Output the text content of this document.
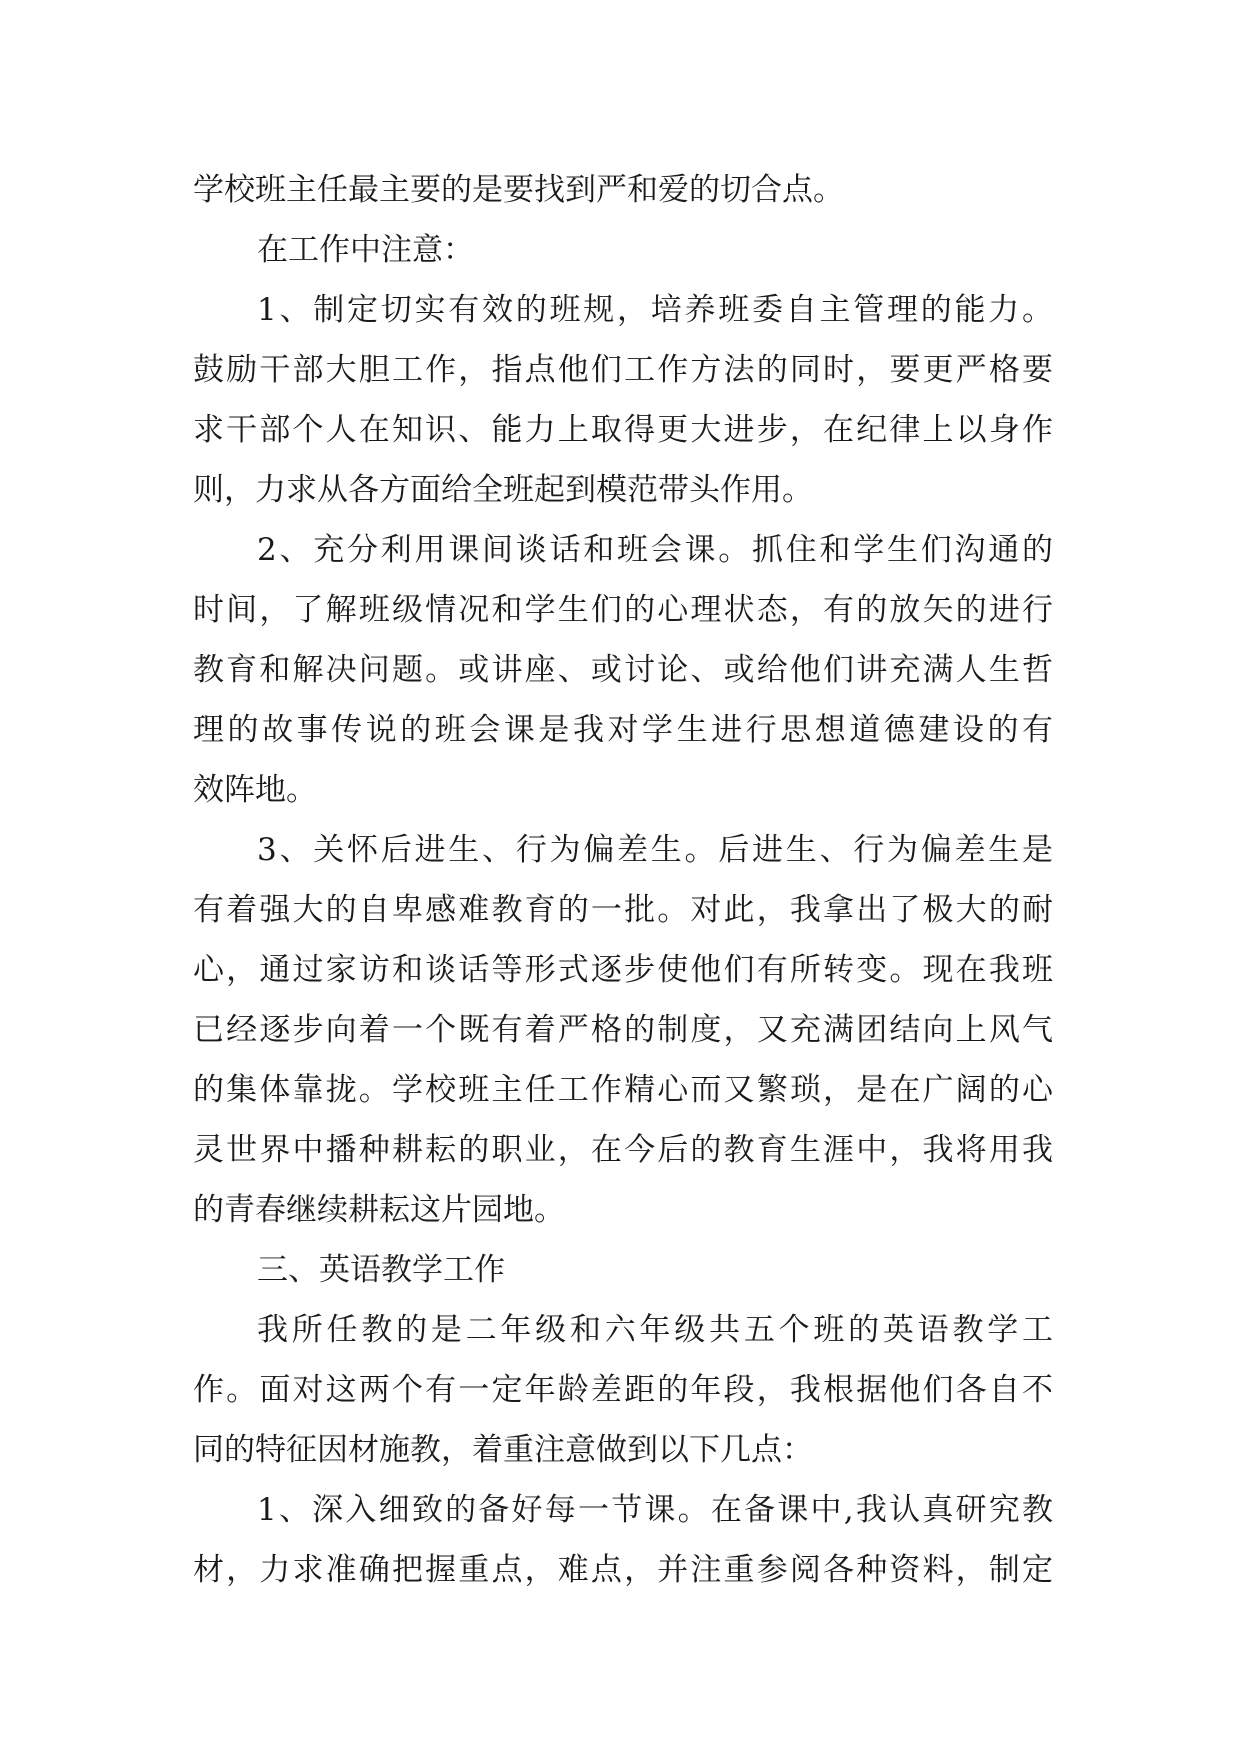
学校班主任最主要的是要找到严和爱的切合点。
在工作中注意：
1、制定切实有效的班规，培养班委自主管理的能力。
鼓励干部大胆工作，指点他们工作方法的同时，要更严格要
求干部个人在知识、能力上取得更大进步，在纪律上以身作
则，力求从各方面给全班起到模范带头作用。
2、充分利用课间谈话和班会课。抓住和学生们沟通的
时间，了解班级情况和学生们的心理状态，有的放矢的进行
教育和解决问题。或讲座、或讨论、或给他们讲充满人生哲
理的故事传说的班会课是我对学生进行思想道德建设的有
效阵地。
3、关怀后进生、行为偏差生。后进生、行为偏差生是
有着强大的自卑感难教育的一批。对此，我拿出了极大的耐
心，通过家访和谈话等形式逐步使他们有所转变。现在我班
已经逐步向着一个既有着严格的制度，又充满团结向上风气
的集体靠拢。学校班主任工作精心而又繁琐，是在广阔的心
灵世界中播种耕耘的职业，在今后的教育生涯中，我将用我
的青春继续耕耘这片园地。
三、英语教学工作
我所任教的是二年级和六年级共五个班的英语教学工
作。面对这两个有一定年龄差距的年段，我根据他们各自不
同的特征因材施教，着重注意做到以下几点：
1、深入细致的备好每一节课。在备课中,我认真研究教
材，力求准确把握重点，难点，并注重参阅各种资料，制定
